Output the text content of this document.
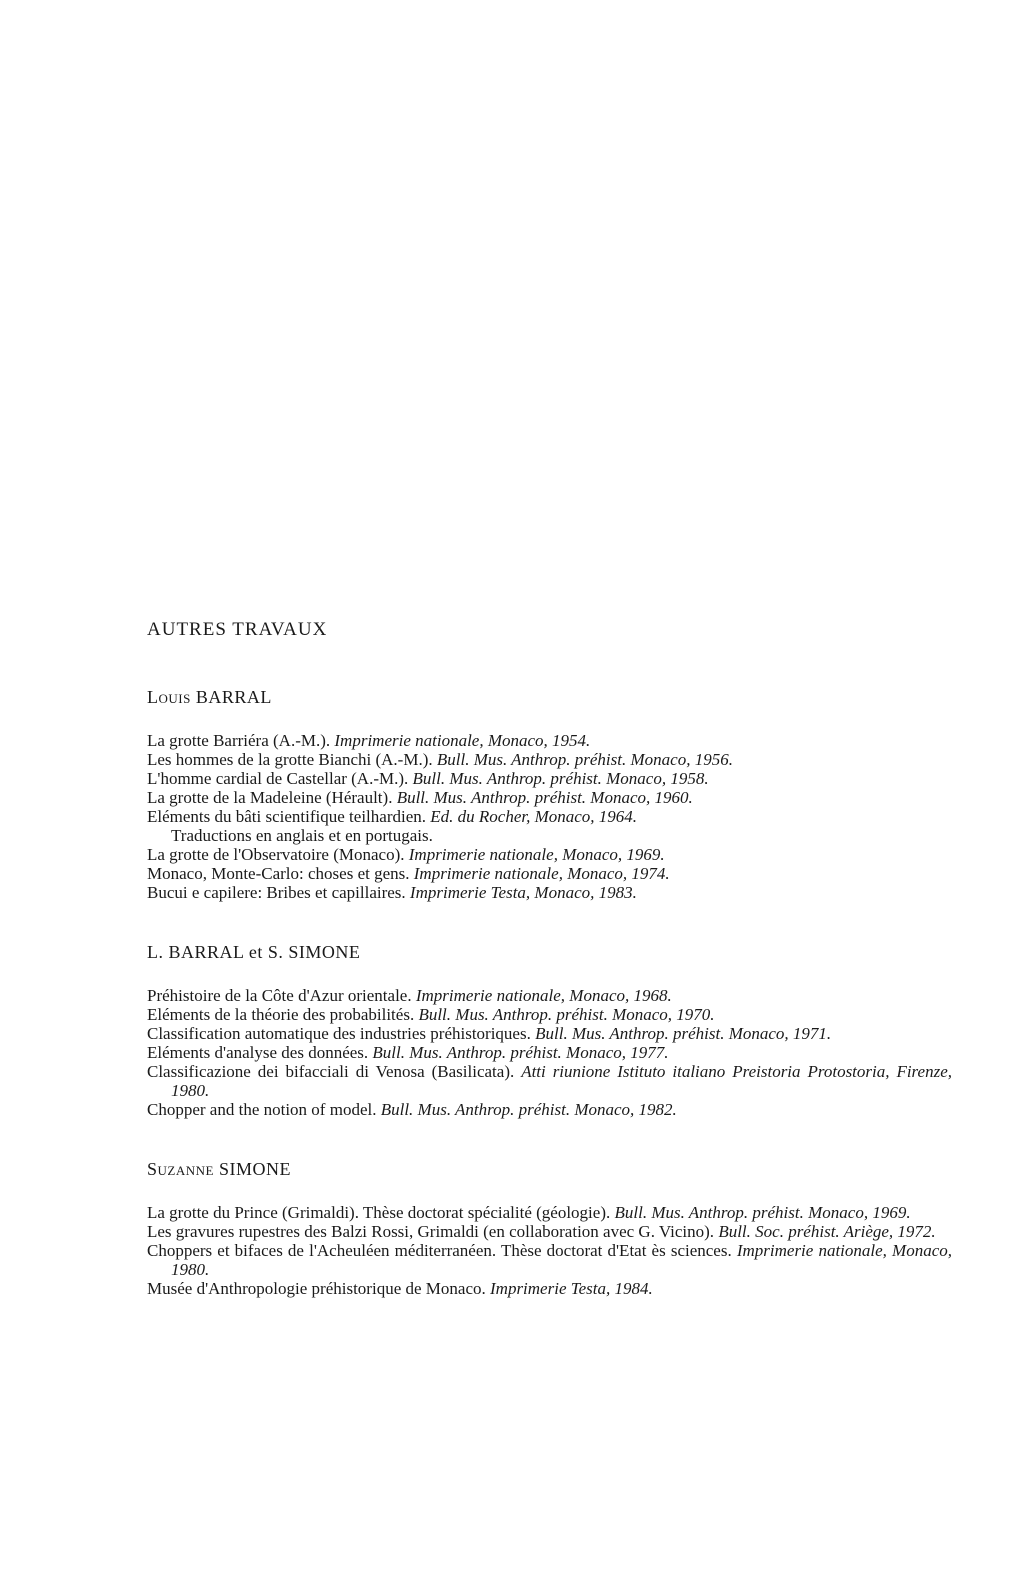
AUTRES TRAVAUX
Louis BARRAL
La grotte Barriéra (A.-M.). Imprimerie nationale, Monaco, 1954.
Les hommes de la grotte Bianchi (A.-M.). Bull. Mus. Anthrop. préhist. Monaco, 1956.
L'homme cardial de Castellar (A.-M.). Bull. Mus. Anthrop. préhist. Monaco, 1958.
La grotte de la Madeleine (Hérault). Bull. Mus. Anthrop. préhist. Monaco, 1960.
Eléments du bâti scientifique teilhardien. Ed. du Rocher, Monaco, 1964.
Traductions en anglais et en portugais.
La grotte de l'Observatoire (Monaco). Imprimerie nationale, Monaco, 1969.
Monaco, Monte-Carlo: choses et gens. Imprimerie nationale, Monaco, 1974.
Bucui e capilere: Bribes et capillaires. Imprimerie Testa, Monaco, 1983.
L. BARRAL et S. SIMONE
Préhistoire de la Côte d'Azur orientale. Imprimerie nationale, Monaco, 1968.
Eléments de la théorie des probabilités. Bull. Mus. Anthrop. préhist. Monaco, 1970.
Classification automatique des industries préhistoriques. Bull. Mus. Anthrop. préhist. Monaco, 1971.
Eléments d'analyse des données. Bull. Mus. Anthrop. préhist. Monaco, 1977.
Classificazione dei bifacciali di Venosa (Basilicata). Atti riunione Istituto italiano Preistoria Protostoria, Firenze, 1980.
Chopper and the notion of model. Bull. Mus. Anthrop. préhist. Monaco, 1982.
Suzanne SIMONE
La grotte du Prince (Grimaldi). Thèse doctorat spécialité (géologie). Bull. Mus. Anthrop. préhist. Monaco, 1969.
Les gravures rupestres des Balzi Rossi, Grimaldi (en collaboration avec G. Vicino). Bull. Soc. préhist. Ariège, 1972.
Choppers et bifaces de l'Acheuléen méditerranéen. Thèse doctorat d'Etat ès sciences. Imprimerie nationale, Monaco, 1980.
Musée d'Anthropologie préhistorique de Monaco. Imprimerie Testa, 1984.
